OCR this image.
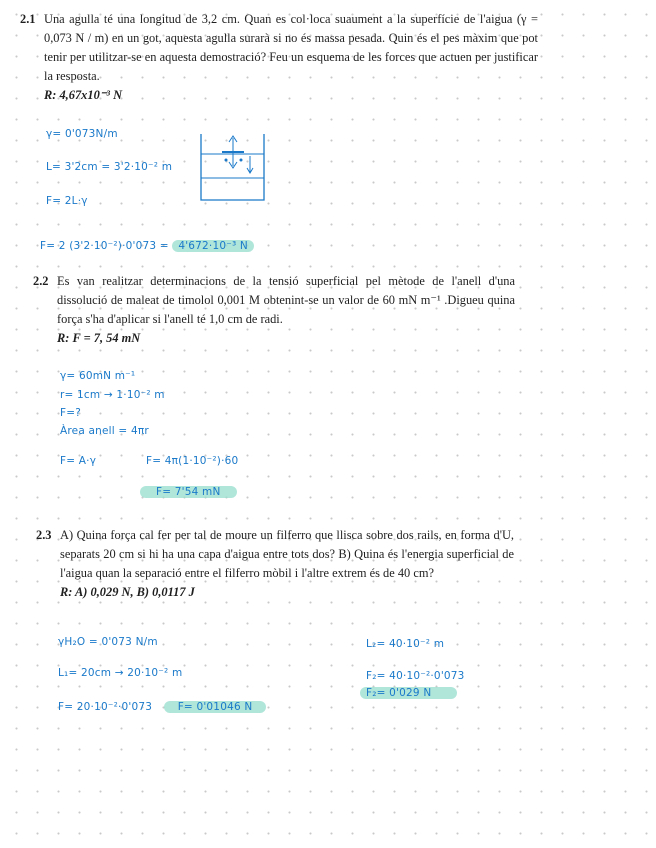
2.1 Una agulla té una longitud de 3,2 cm. Quan es col·loca suaument a la superfície de l'aigua (γ = 0,073 N / m) en un got, aquesta agulla surarà si no és massa pesada. Quin és el pes màxim que pot tenir per utilitzar-se en aquesta demostració? Feu un esquema de les forces que actuen per justificar la resposta.
R: 4,67x10⁻³ N
γ= 0'073N/m
L= 3'2cm = 3'2·10⁻² m
F= 2L·γ
F= 2 (3'2·10⁻²)·0'073 = 4'672·10⁻³ N
2.2 Es van realitzar determinacions de la tensió superficial pel mètode de l'anell d'una dissolució de maleat de timolol 0,001 M obtenint-se un valor de 60 mN m⁻¹ .Digueu quina força s'ha d'aplicar si l'anell té 1,0 cm de radi.
R: F = 7, 54 mN
γ= 60mN m⁻¹
r= 1cm → 1·10⁻² m
F=?
Àrea anell = 4πr
F= A·γ	F= 4π(1·10⁻²)·60
F= 7'54 mN
2.3 A) Quina força cal fer per tal de moure un filferro que llisca sobre dos rails, en forma d'U, separats 20 cm si hi ha una capa d'aigua entre tots dos? B) Quina és l'energia superficial de l'aigua quan la separació entre el filferro mòbil i l'altre extrem és de 40 cm?
R: A) 0,029 N, B) 0,0117 J
γH₂O = 0'073 N/m
L₁= 20cm → 20·10⁻² m
F= 20·10⁻²·0'073 F= 0'01046 N
L₂= 40·10⁻² m
F₂= 40·10⁻²·0'073
F₂= 0'029 N
